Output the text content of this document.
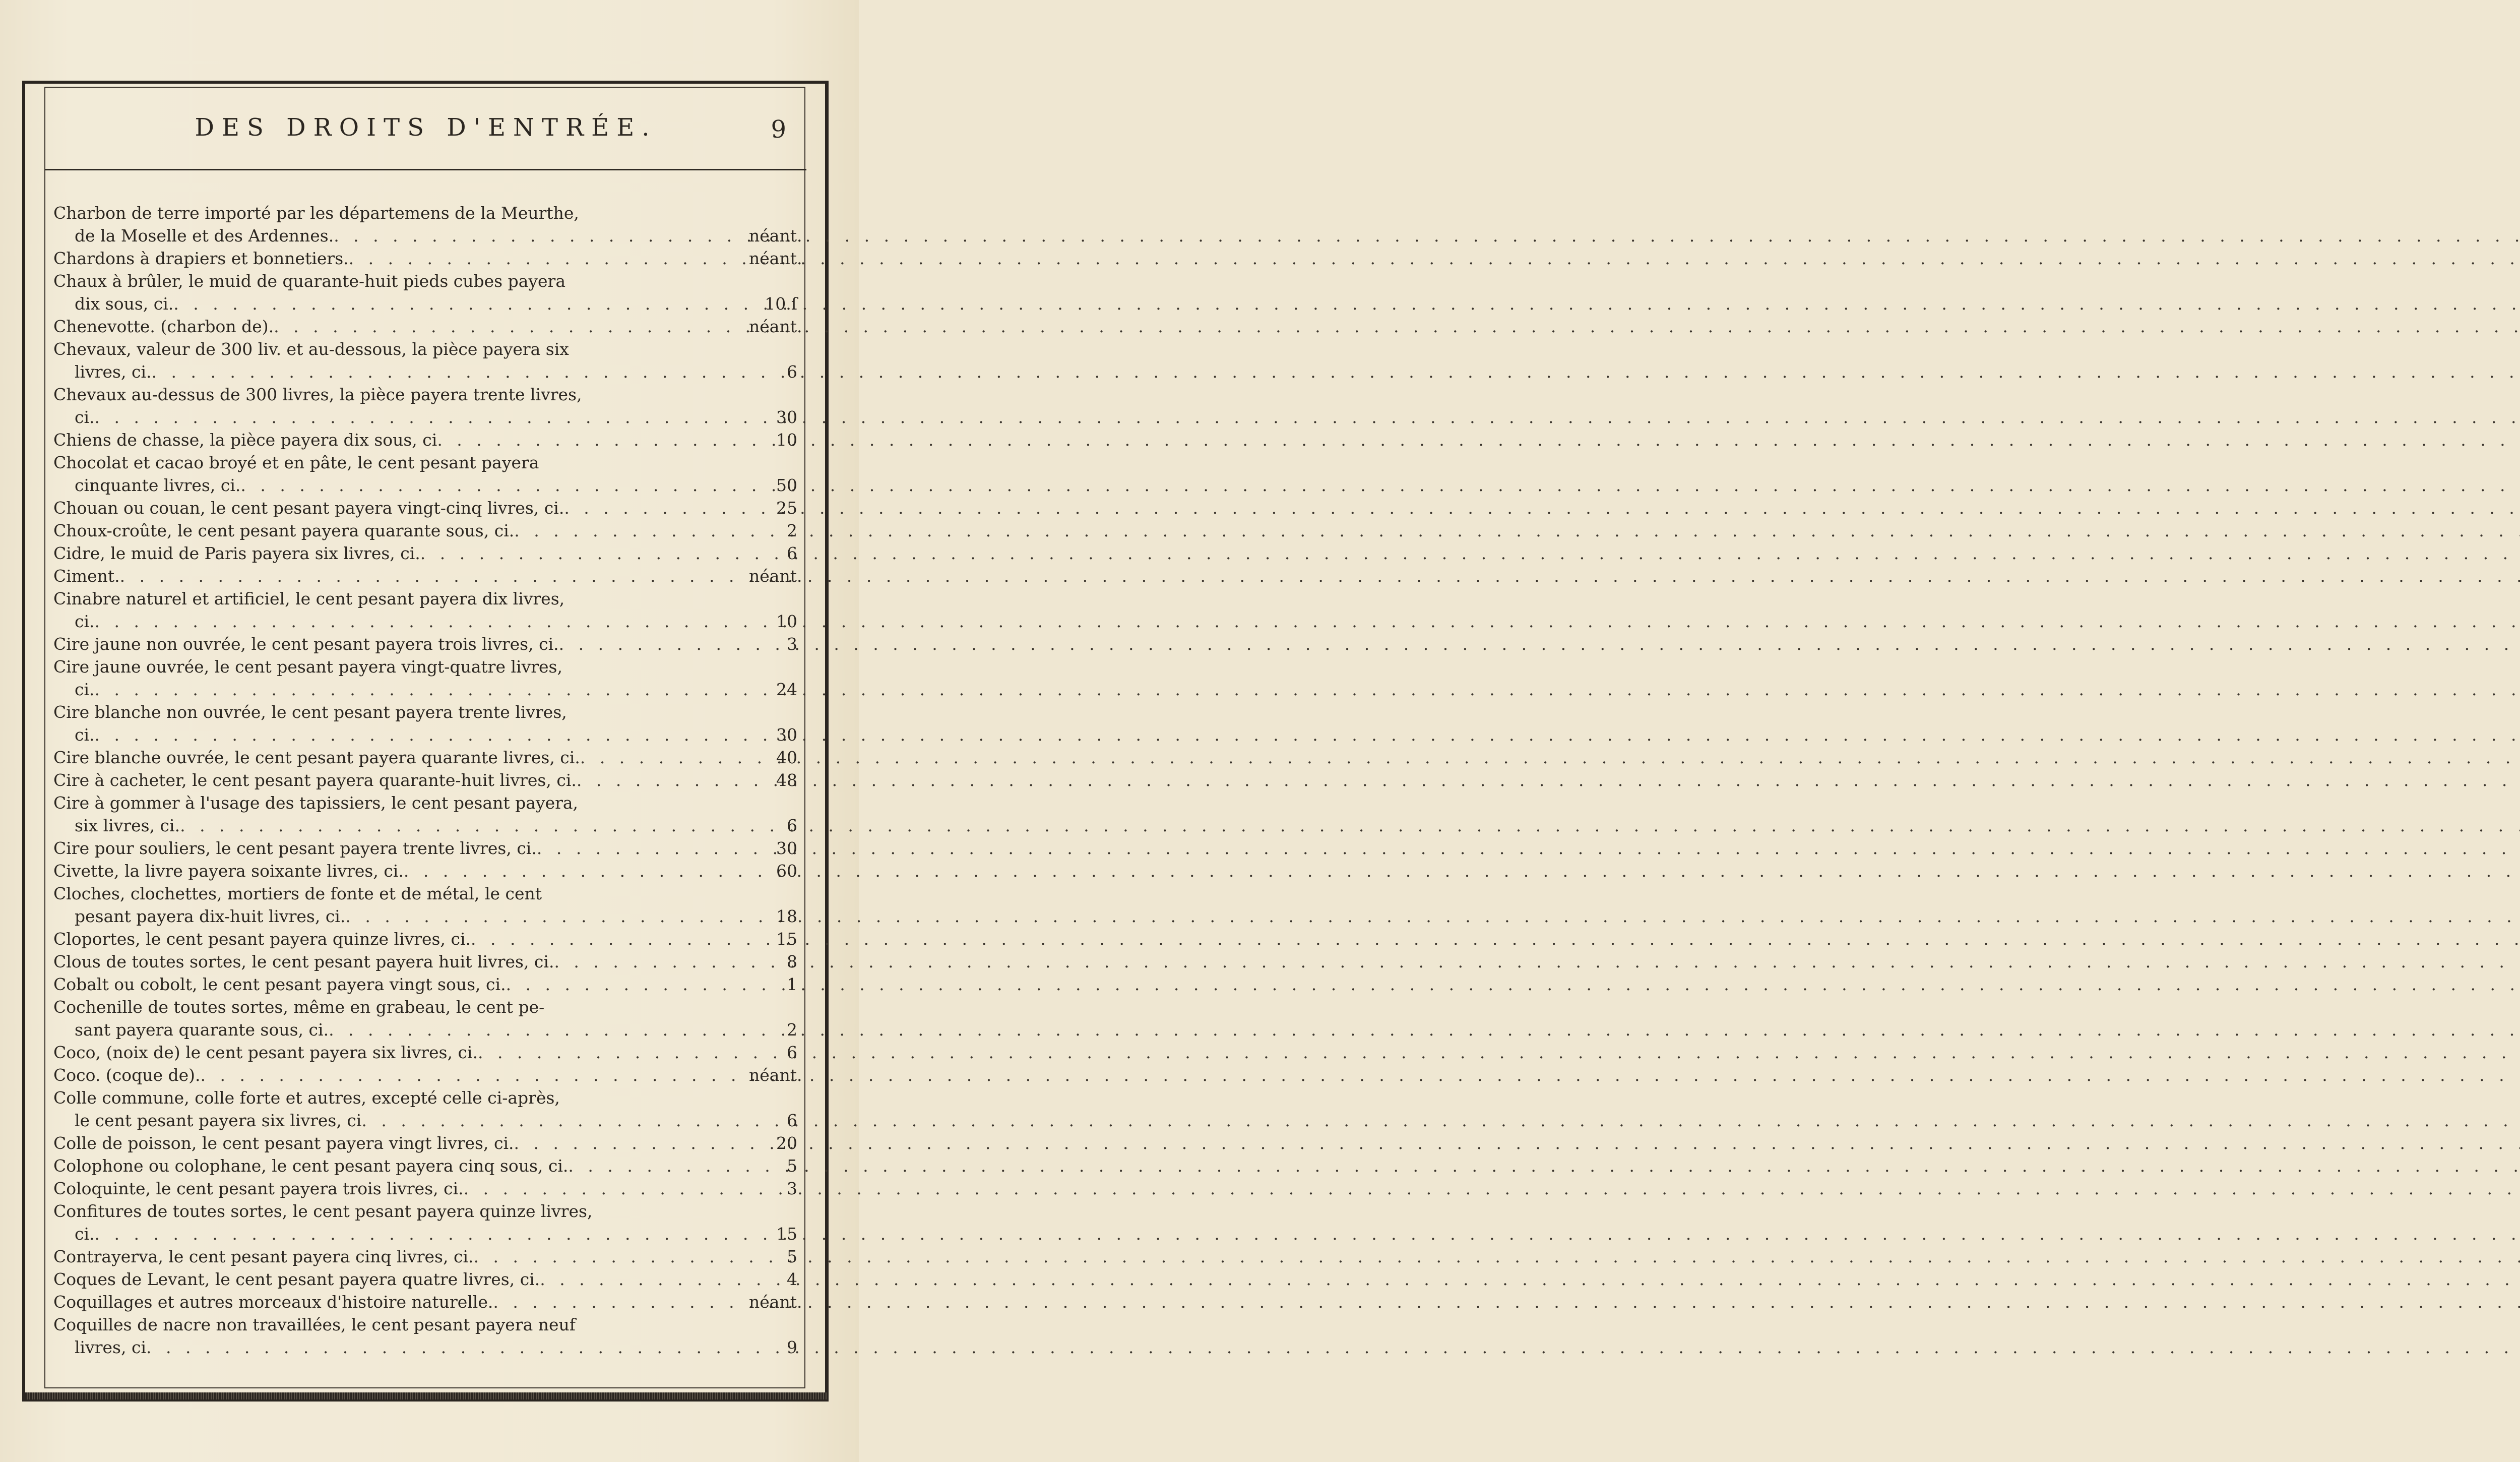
DES DROITS D'ENTRÉE.	9
Charbon de terre importé par les départemens de la Meurthe,
de la Moselle et des Ardennes. . . .	néant.
Chardons à drapiers et bonnetiers. . . .	néant.
Chaux à brûler, le muid de quarante-huit pieds cubes payera
dix sous, ci. . . .	10.ſ
Chenevotte. (charbon de). . . .	néant.
Chevaux, valeur de 300 liv. et au-dessous, la pièce payera six
livres, ci. . . .	6
Chevaux au-dessus de 300 livres, la pièce payera trente livres,
ci. . . .	30
Chiens de chasse, la pièce payera dix sous, ci . . .	10
Chocolat et cacao broyé et en pâte, le cent pesant payera
cinquante livres, ci. . . .	50
Chouan ou couan, le cent pesant payera vingt-cinq livres, ci. . . .	25
Choux-croûte, le cent pesant payera quarante sous, ci. . . .	2
Cidre, le muid de Paris payera six livres, ci. . . .	6
Ciment. . . .	néant.
Cinabre naturel et artificiel, le cent pesant payera dix livres,
ci. . . .	10
Cire jaune non ouvrée, le cent pesant payera trois livres, ci. . . .	3
Cire jaune ouvrée, le cent pesant payera vingt-quatre livres,
ci. . . .	24
Cire blanche non ouvrée, le cent pesant payera trente livres,
ci. . . .	30
Cire blanche ouvrée, le cent pesant payera quarante livres, ci. . . .	40
Cire à cacheter, le cent pesant payera quarante-huit livres, ci. . . .	48
Cire à gommer à l'usage des tapissiers, le cent pesant payera,
six livres, ci. . . .	6
Cire pour souliers, le cent pesant payera trente livres, ci. . . .	30
Civette, la livre payera soixante livres, ci. . . .	60
Cloches, clochettes, mortiers de fonte et de métal, le cent
pesant payera dix-huit livres, ci. . . .	18
Cloportes, le cent pesant payera quinze livres, ci. . . .	15
Clous de toutes sortes, le cent pesant payera huit livres, ci. . . .	8
Cobalt ou cobolt, le cent pesant payera vingt sous, ci. . . .	1
Cochenille de toutes sortes, même en grabeau, le cent pe-
sant payera quarante sous, ci. . . .	2
Coco, (noix de) le cent pesant payera six livres, ci. . . .	6
Coco. (coque de). . . .	néant.
Colle commune, colle forte et autres, excepté celle ci-après,
le cent pesant payera six livres, ci . . .	6
Colle de poisson, le cent pesant payera vingt livres, ci. . . .	20
Colophone ou colophane, le cent pesant payera cinq sous, ci. . . .	5
Coloquinte, le cent pesant payera trois livres, ci. . . .	3
Confitures de toutes sortes, le cent pesant payera quinze livres,
ci. . . .	15
Contrayerva, le cent pesant payera cinq livres, ci. . . .	5
Coques de Levant, le cent pesant payera quatre livres, ci. . . .	4
Coquillages et autres morceaux d'histoire naturelle. . . .	néant.
Coquilles de nacre non travaillées, le cent pesant payera neuf
livres, ci . . .	9
